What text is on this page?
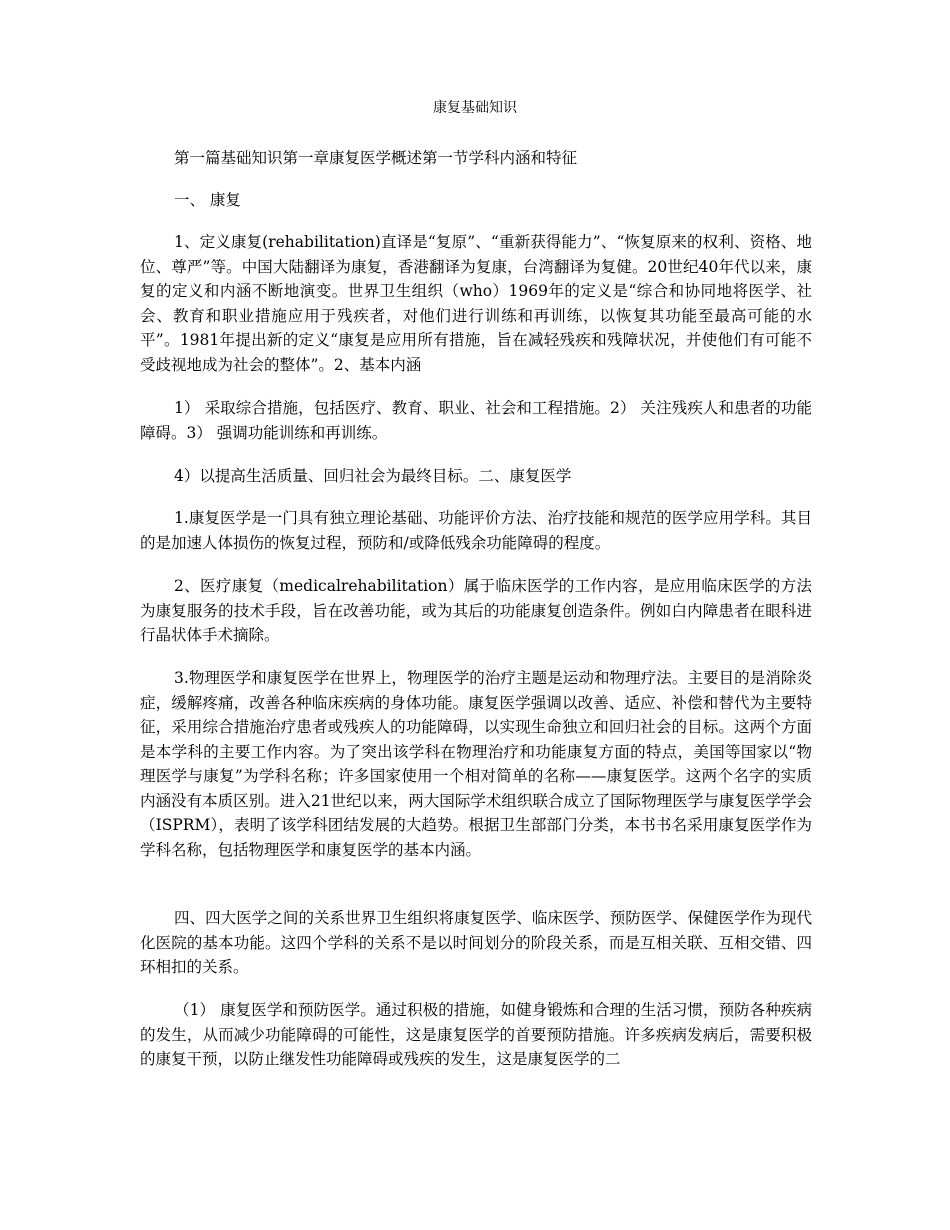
康复基础知识

第一篇基础知识第一章康复医学概述第一节学科内涵和特征

一、 康复

1、定义康复(rehabilitation)直译是“复原”、“重新获得能力”、“恢复原来的权利、资格、地位、尊严”等。中国大陆翻译为康复，香港翻译为复康，台湾翻译为复健。20世纪40年代以来，康复的定义和内涵不断地演变。世界卫生组织（who）1969年的定义是“综合和协同地将医学、社会、教育和职业措施应用于残疾者，对他们进行训练和再训练，以恢复其功能至最高可能的水平”。1981年提出新的定义“康复是应用所有措施，旨在减轻残疾和残障状况，并使他们有可能不受歧视地成为社会的整体”。2、基本内涵

1） 采取综合措施，包括医疗、教育、职业、社会和工程措施。2） 关注残疾人和患者的功能障碍。3） 强调功能训练和再训练。

4）以提高生活质量、回归社会为最终目标。二、康复医学

1.康复医学是一门具有独立理论基础、功能评价方法、治疗技能和规范的医学应用学科。其目的是加速人体损伤的恢复过程，预防和/或降低残余功能障碍的程度。

2、医疗康复（medicalrehabilitation）属于临床医学的工作内容，是应用临床医学的方法为康复服务的技术手段，旨在改善功能，或为其后的功能康复创造条件。例如白内障患者在眼科进行晶状体手术摘除。

3.物理医学和康复医学在世界上，物理医学的治疗主题是运动和物理疗法。主要目的是消除炎症，缓解疼痛，改善各种临床疾病的身体功能。康复医学强调以改善、适应、补偿和替代为主要特征，采用综合措施治疗患者或残疾人的功能障碍，以实现生命独立和回归社会的目标。这两个方面是本学科的主要工作内容。为了突出该学科在物理治疗和功能康复方面的特点，美国等国家以“物理医学与康复”为学科名称；许多国家使用一个相对简单的名称——康复医学。这两个名字的实质内涵没有本质区别。进入21世纪以来，两大国际学术组织联合成立了国际物理医学与康复医学学会（ISPRM），表明了该学科团结发展的大趋势。根据卫生部部门分类，本书书名采用康复医学作为学科名称，包括物理医学和康复医学的基本内涵。

四、四大医学之间的关系世界卫生组织将康复医学、临床医学、预防医学、保健医学作为现代化医院的基本功能。这四个学科的关系不是以时间划分的阶段关系，而是互相关联、互相交错、四环相扣的关系。

（1） 康复医学和预防医学。通过积极的措施，如健身锻炼和合理的生活习惯，预防各种疾病的发生，从而减少功能障碍的可能性，这是康复医学的首要预防措施。许多疾病发病后，需要积极的康复干预，以防止继发性功能障碍或残疾的发生，这是康复医学的二
